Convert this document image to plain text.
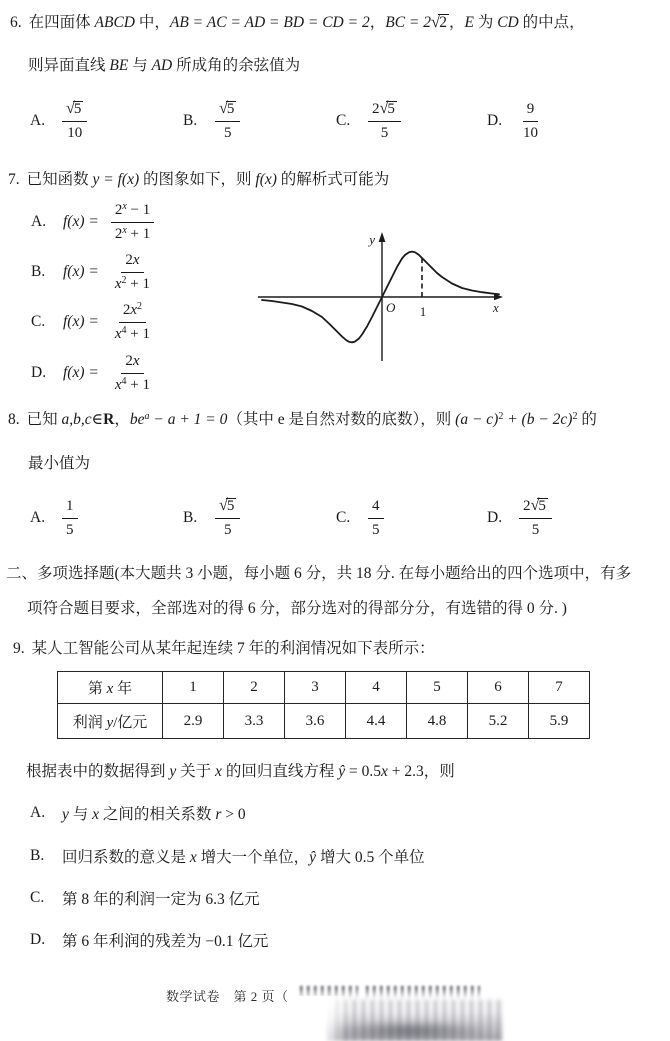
6. 在四面体 ABCD 中，AB = AC = AD = BD = CD = 2，BC = 2√2 ，E 为 CD 的中点，
则异面直线 BE 与 AD 所成角的余弦值为
A.	$\frac{√5}{10}$	B.	$\frac{√5}{5}$	C.	$\frac{2√5}{5}$	D.	$\frac{9}{10}$
7. 已知函数 y = f(x) 的图象如下，则 f(x) 的解析式可能为
A.	$f(x) = \frac{2^x - 1}{2^x + 1}$
B.	$f(x) = \frac{2x}{x^2 + 1}$
C.	$f(x) = \frac{2x^2}{x^4 + 1}$
D.	$f(x) = \frac{2x}{x^4 + 1}$
y
O 1	x
8. 已知 a,b,c∈R，$be^a - a + 1 = 0$（其中 e 是自然对数的底数），则 $(a - c)^2 + (b - 2c)^2$ 的
最小值为
A.	$\frac{1}{5}$	B.	$\frac{√5}{5}$	C.	$\frac{4}{5}$	D.	$\frac{2√5}{5}$
二、多项选择题(本大题共 3 小题，每小题 6 分，共 18 分. 在每小题给出的四个选项中，有多
项符合题目要求，全部选对的得 6 分，部分选对的得部分分，有选错的得 0 分. )
9. 某人工智能公司从某年起连续 7 年的利润情况如下表所示：
第 x 年	1	2	3	4	5	6	7
利润 y/亿元	2.9	3.3	3.6	4.4	4.8	5.2	5.9
根据表中的数据得到 y 关于 x 的回归直线方程 ŷ = 0.5x + 2.3，则
A.	y 与 x 之间的相关系数 r > 0
B.	回归系数的意义是 x 增大一个单位，ŷ 增大 0.5 个单位
C.	第 8 年的利润一定为 6.3 亿元
D.	第 6 年利润的残差为 −0.1 亿元
数学试卷　第 2 页（
